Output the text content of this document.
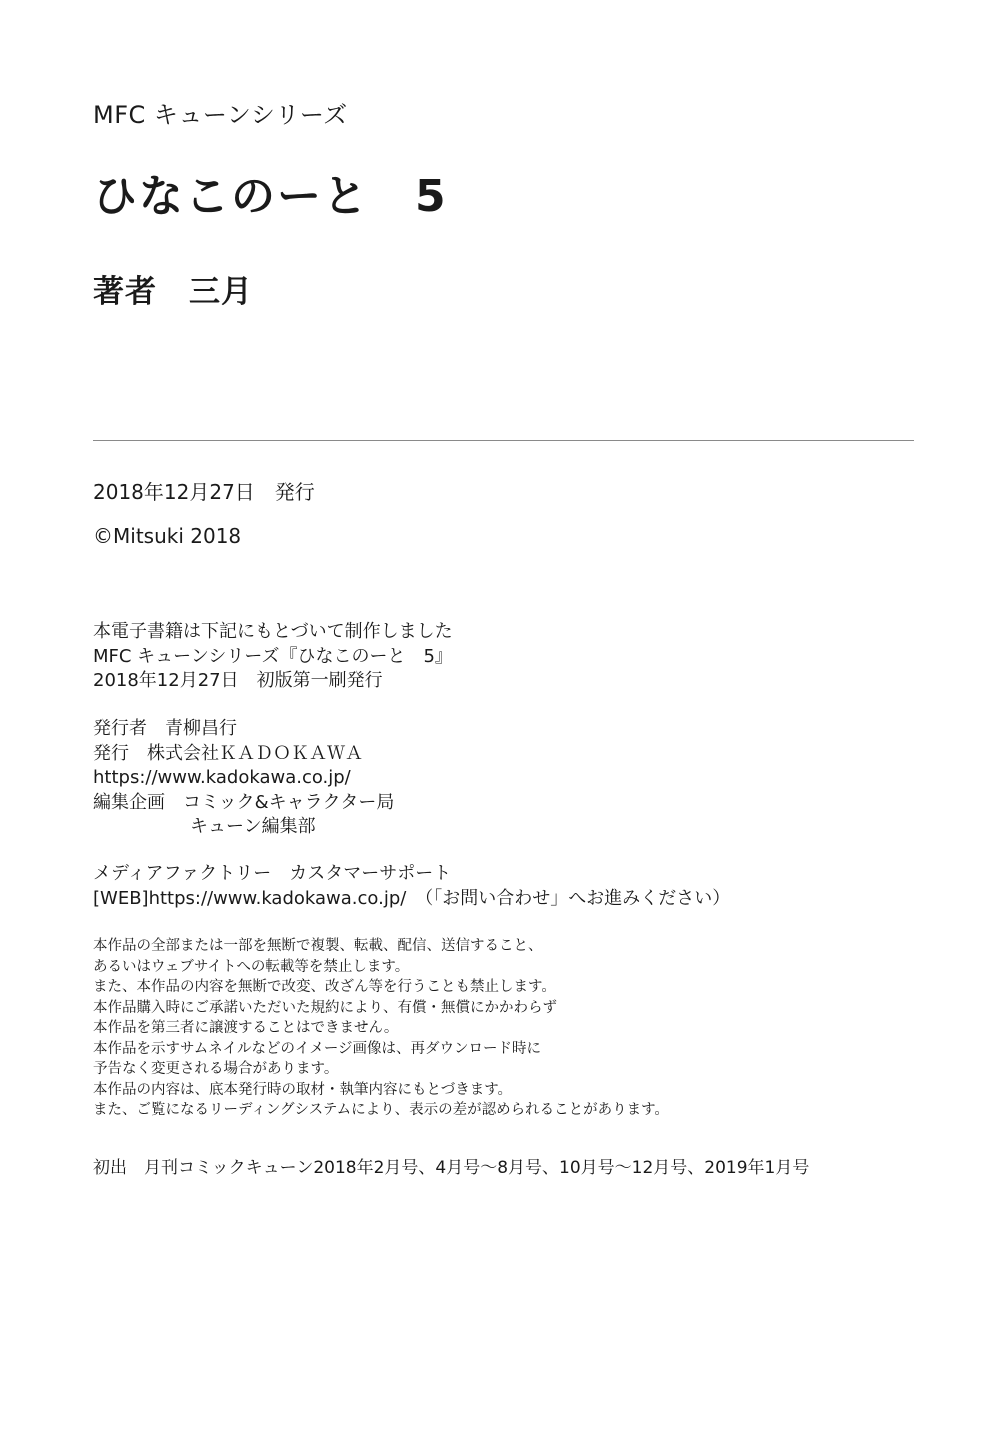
MFC キューンシリーズ

ひなこのーと　5

著者　三月

2018年12月27日　発行

©Mitsuki 2018

本電子書籍は下記にもとづいて制作しました
MFC キューンシリーズ『ひなこのーと　5』
2018年12月27日　初版第一刷発行
発行者　青柳昌行
発行　株式会社ＫＡＤＯＫＡＷＡ
https://www.kadokawa.co.jp/
編集企画　コミック&キャラクター局
キューン編集部
メディアファクトリー　カスタマーサポート
[WEB]https://www.kadokawa.co.jp/　（「お問い合わせ」へお進みください）
本作品の全部または一部を無断で複製、転載、配信、送信すること、
あるいはウェブサイトへの転載等を禁止します。
また、本作品の内容を無断で改変、改ざん等を行うことも禁止します。
本作品購入時にご承諾いただいた規約により、有償・無償にかかわらず
本作品を第三者に譲渡することはできません。
本作品を示すサムネイルなどのイメージ画像は、再ダウンロード時に
予告なく変更される場合があります。
本作品の内容は、底本発行時の取材・執筆内容にもとづきます。
また、ご覧になるリーディングシステムにより、表示の差が認められることがあります。

初出　月刊コミックキューン2018年2月号、4月号〜8月号、10月号〜12月号、2019年1月号
